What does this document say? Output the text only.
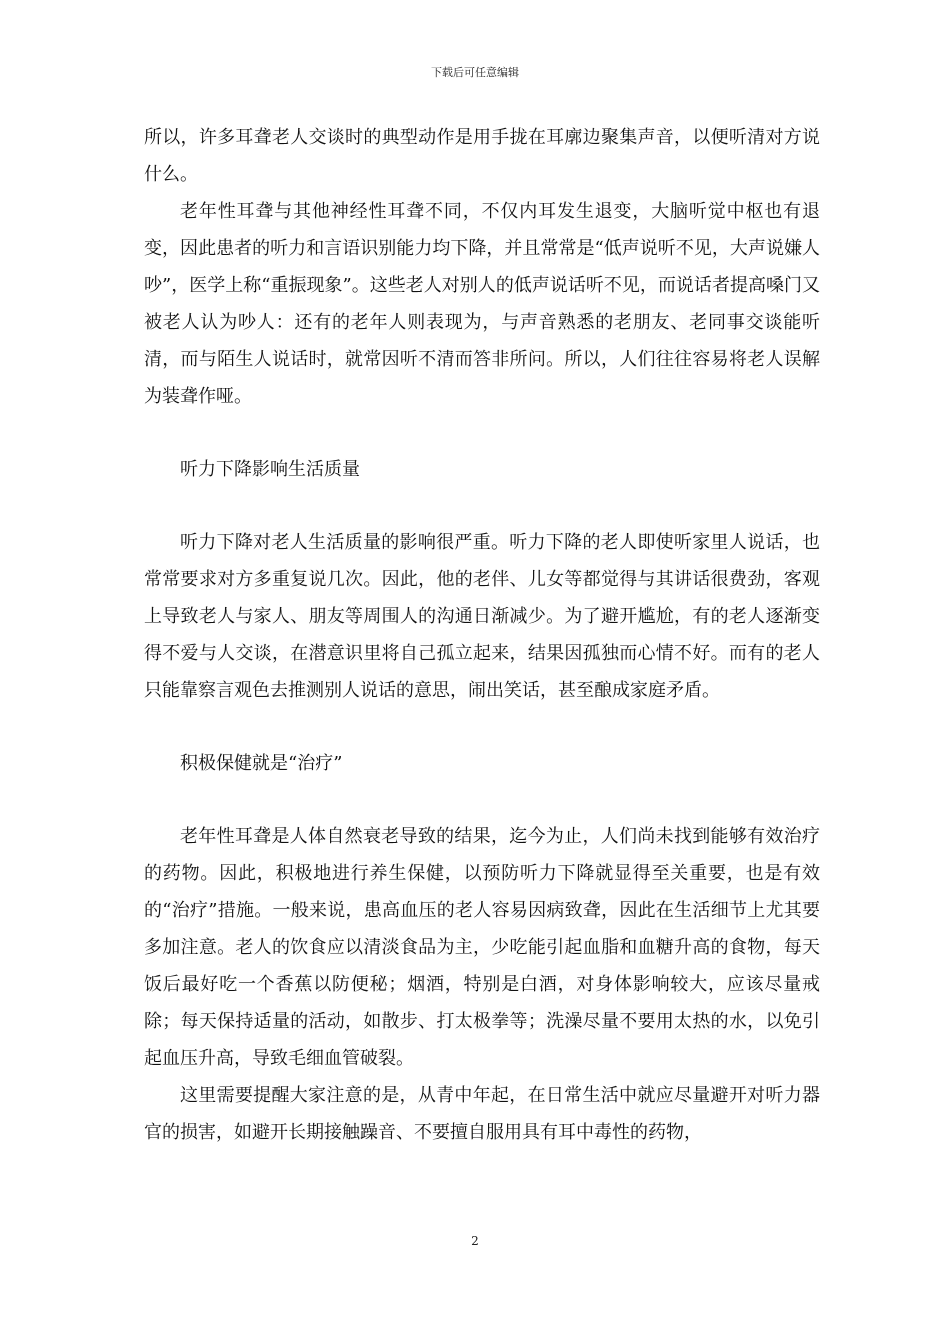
下载后可任意编辑

所以，许多耳聋老人交谈时的典型动作是用手拢在耳廓边聚集声音，以便听清对方说什么。

老年性耳聋与其他神经性耳聋不同，不仅内耳发生退变，大脑听觉中枢也有退变，因此患者的听力和言语识别能力均下降，并且常常是“低声说听不见，大声说嫌人吵”，医学上称“重振现象”。这些老人对别人的低声说话听不见，而说话者提高嗓门又被老人认为吵人：还有的老年人则表现为，与声音熟悉的老朋友、老同事交谈能听清，而与陌生人说话时，就常因听不清而答非所问。所以，人们往往容易将老人误解为装聋作哑。

听力下降影响生活质量

听力下降对老人生活质量的影响很严重。听力下降的老人即使听家里人说话，也常常要求对方多重复说几次。因此，他的老伴、儿女等都觉得与其讲话很费劲，客观上导致老人与家人、朋友等周围人的沟通日渐减少。为了避开尴尬，有的老人逐渐变得不爱与人交谈，在潜意识里将自己孤立起来，结果因孤独而心情不好。而有的老人只能靠察言观色去推测别人说话的意思，闹出笑话，甚至酿成家庭矛盾。

积极保健就是“治疗”

老年性耳聋是人体自然衰老导致的结果，迄今为止，人们尚未找到能够有效治疗的药物。因此，积极地进行养生保健，以预防听力下降就显得至关重要，也是有效的“治疗”措施。一般来说，患高血压的老人容易因病致聋，因此在生活细节上尤其要多加注意。老人的饮食应以清淡食品为主，少吃能引起血脂和血糖升高的食物，每天饭后最好吃一个香蕉以防便秘；烟酒，特别是白酒，对身体影响较大，应该尽量戒除；每天保持适量的活动，如散步、打太极拳等；洗澡尽量不要用太热的水，以免引起血压升高，导致毛细血管破裂。

这里需要提醒大家注意的是，从青中年起，在日常生活中就应尽量避开对听力器官的损害，如避开长期接触躁音、不要擅自服用具有耳中毒性的药物，

2
